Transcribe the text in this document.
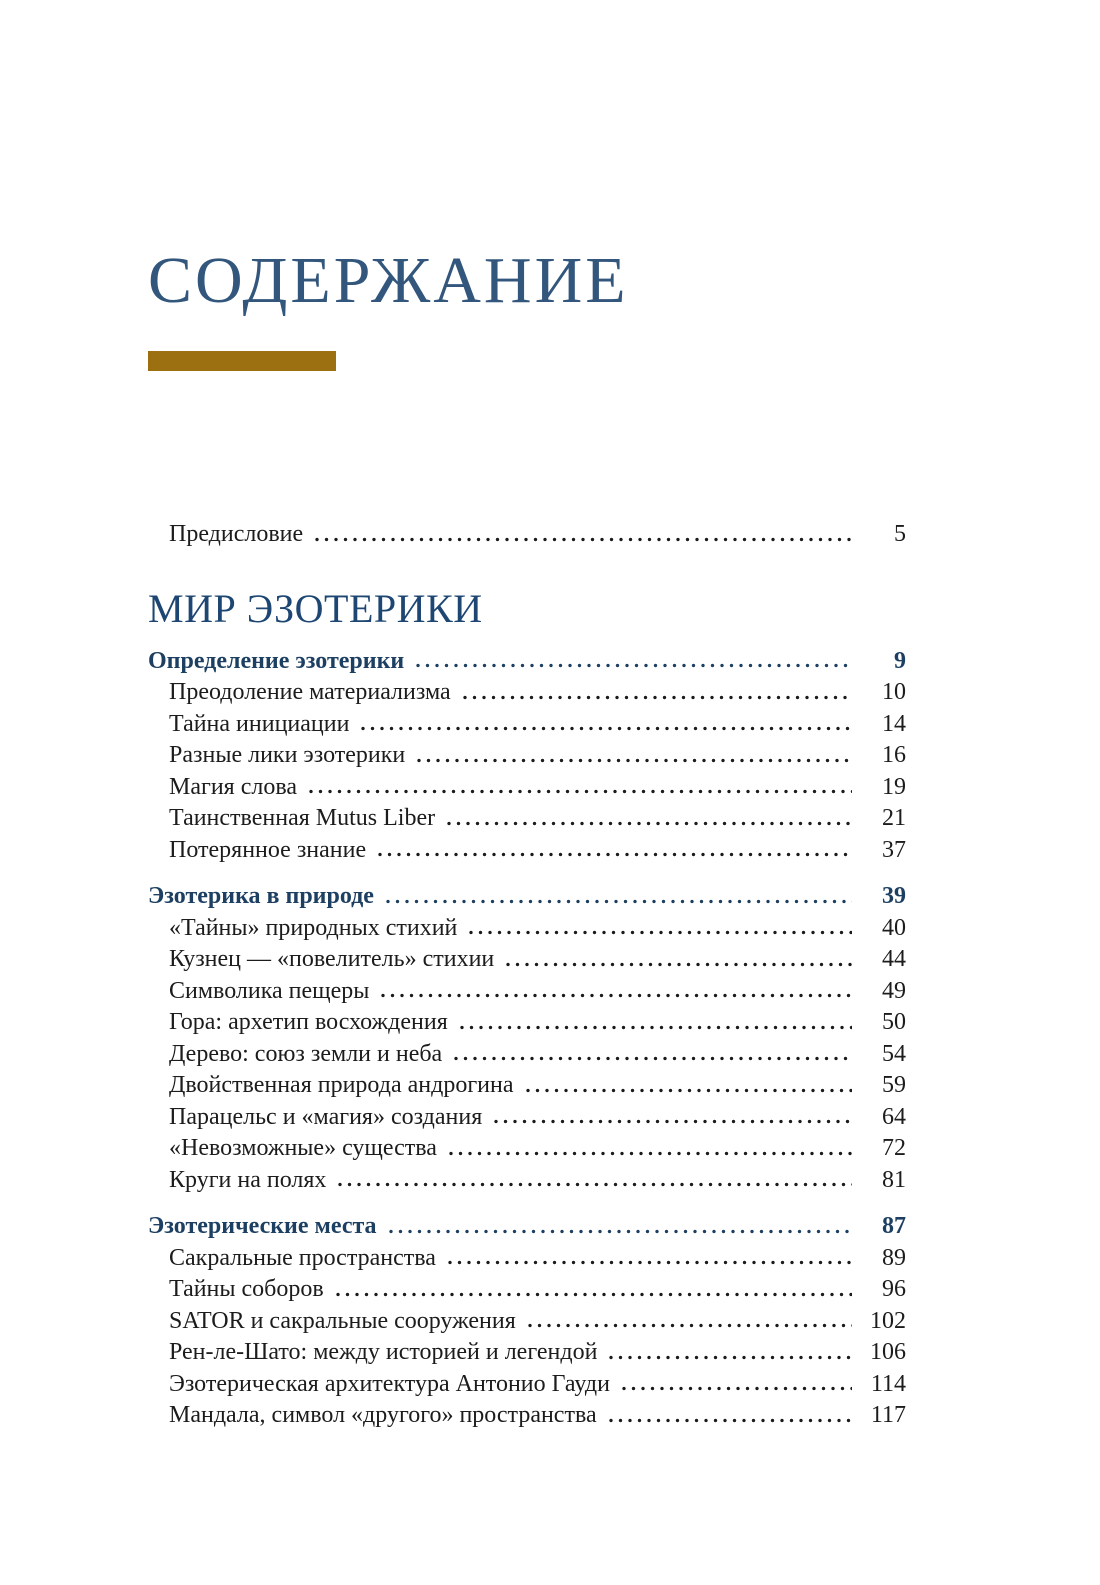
СОДЕРЖАНИЕ
Предисловие	5
МИР ЭЗОТЕРИКИ
Определение эзотерики	9
Преодоление материализма	10
Тайна инициации	14
Разные лики эзотерики	16
Магия слова	19
Таинственная Mutus Liber	21
Потерянное знание	37
Эзотерика в природе	39
«Тайны» природных стихий	40
Кузнец — «повелитель» стихии	44
Символика пещеры	49
Гора: архетип восхождения	50
Дерево: союз земли и неба	54
Двойственная природа андрогина	59
Парацельс и «магия» создания	64
«Невозможные» существа	72
Круги на полях	81
Эзотерические места	87
Сакральные пространства	89
Тайны соборов	96
SATOR и сакральные сооружения	102
Рен-ле-Шато: между историей и легендой	106
Эзотерическая архитектура Антонио Гауди	114
Мандала, символ «другого» пространства	117
